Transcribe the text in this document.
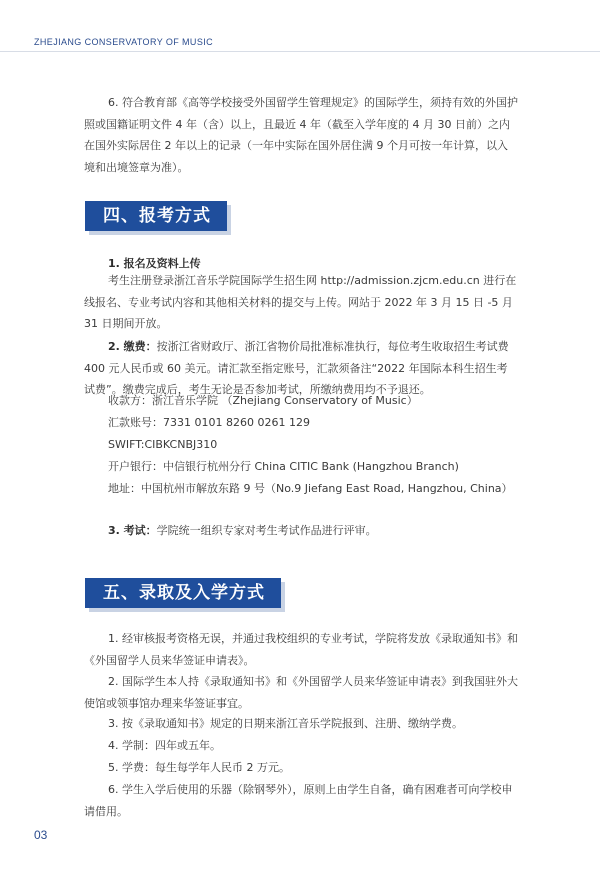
ZHEJIANG CONSERVATORY OF MUSIC

6. 符合教育部《高等学校接受外国留学生管理规定》的国际学生，须持有效的外国护照或国籍证明文件 4 年（含）以上，且最近 4 年（截至入学年度的 4 月 30 日前）之内在国外实际居住 2 年以上的记录（一年中实际在国外居住满 9 个月可按一年计算，以入境和出境签章为准）。

四、报考方式
1. 报名及资料上传

考生注册登录浙江音乐学院国际学生招生网 http://admission.zjcm.edu.cn 进行在线报名、专业考试内容和其他相关材料的提交与上传。网站于 2022 年 3 月 15 日 -5 月 31 日期间开放。

2. 缴费：按浙江省财政厅、浙江省物价局批准标准执行，每位考生收取招生考试费 400 元人民币或 60 美元。请汇款至指定账号，汇款须备注“2022 年国际本科生招生考试费”。缴费完成后，考生无论是否参加考试，所缴纳费用均不予退还。

收款方：浙江音乐学院 （Zhejiang Conservatory of Music）
汇款账号：7331 0101 8260 0261 129
SWIFT:CIBKCNBJ310
开户银行：中信银行杭州分行 China CITIC Bank (Hangzhou Branch)

地址：中国杭州市解放东路 9 号（No.9 Jiefang East Road, Hangzhou, China）

3. 考试：学院统一组织专家对考生考试作品进行评审。

五、录取及入学方式

1. 经审核报考资格无误，并通过我校组织的专业考试，学院将发放《录取通知书》和《外国留学人员来华签证申请表》。

2. 国际学生本人持《录取通知书》和《外国留学人员来华签证申请表》到我国驻外大使馆或领事馆办理来华签证事宜。

3. 按《录取通知书》规定的日期来浙江音乐学院报到、注册、缴纳学费。
4. 学制：四年或五年。
5. 学费：每生每学年人民币 2 万元。

6. 学生入学后使用的乐器（除钢琴外），原则上由学生自备，确有困难者可向学校申请借用。

03
